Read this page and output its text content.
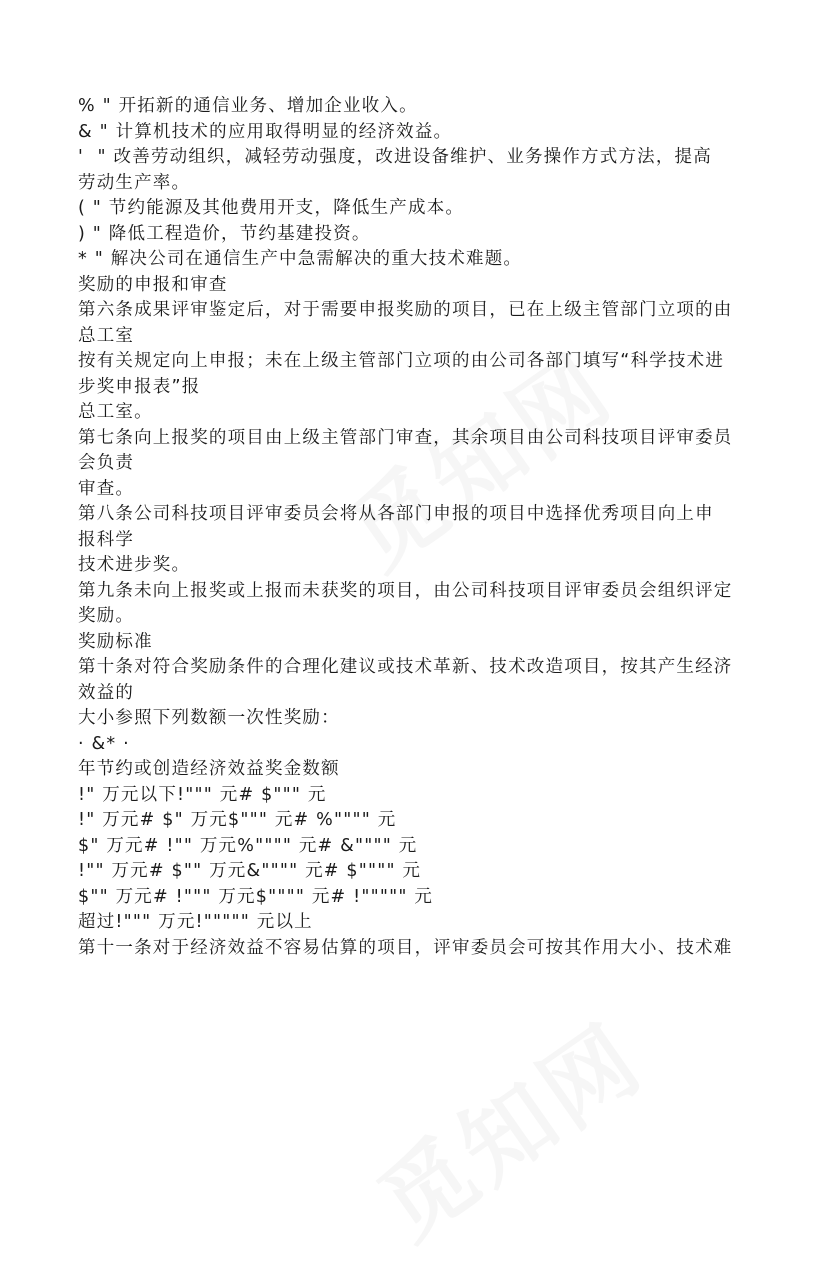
% " 开拓新的通信业务、增加企业收入。
& " 计算机技术的应用取得明显的经济效益。
'  " 改善劳动组织，减轻劳动强度，改进设备维护、业务操作方式方法，提高
劳动生产率。
( " 节约能源及其他费用开支，降低生产成本。
) " 降低工程造价，节约基建投资。
* " 解决公司在通信生产中急需解决的重大技术难题。
奖励的申报和审查
第六条成果评审鉴定后，对于需要申报奖励的项目，已在上级主管部门立项的由
总工室
按有关规定向上申报；未在上级主管部门立项的由公司各部门填写“科学技术进
步奖申报表”报
总工室。
第七条向上报奖的项目由上级主管部门审查，其余项目由公司科技项目评审委员
会负责
审查。
第八条公司科技项目评审委员会将从各部门申报的项目中选择优秀项目向上申
报科学
技术进步奖。
第九条未向上报奖或上报而未获奖的项目，由公司科技项目评审委员会组织评定
奖励。
奖励标准
第十条对符合奖励条件的合理化建议或技术革新、技术改造项目，按其产生经济
效益的
大小参照下列数额一次性奖励：
· &* ·
年节约或创造经济效益奖金数额
!" 万元以下!""" 元# $""" 元
!" 万元# $" 万元$""" 元# %"""" 元
$" 万元# !"" 万元%"""" 元# &"""" 元
!"" 万元# $"" 万元&"""" 元# $"""" 元
$"" 万元# !""" 万元$"""" 元# !""""" 元
超过!""" 万元!""""" 元以上
第十一条对于经济效益不容易估算的项目，评审委员会可按其作用大小、技术难
